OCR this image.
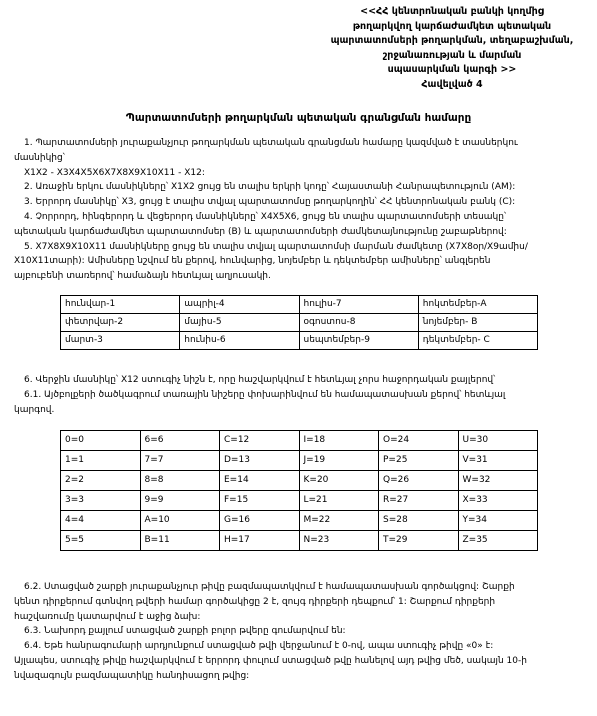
<<ՀՀ կենտրոնական բանկի կողմից
թողարկվող կարճաժամկետ պետական
պարտատոմսերի թողարկման, տեղաբաշխման,
շրջանառության և մարման
սպասարկման կարգի >>
Հավելված 4
Պարտատոմսերի թողարկման պետական գրանցման համարը
1. Պարտատոմսերի յուրաքանչյուր թողարկման պետական գրանցման համարը կազմված է տասներկու
մասնիկից՝
X1X2 - X3X4X5X6X7X8X9X10X11 - X12:
2. Առաջին երկու մասնիկները՝ X1X2 ցույց են տալիս երկրի կոդը՝ Հայաստանի Հանրապետություն (AM):
3. Երրորդ մասնիկը՝ X3, ցույց է տալիս տվյալ պարտատոմսը թողարկողին՝ ՀՀ կենտրոնական բանկ (C):
4. Չորրորդ, հինգերորդ և վեցերորդ մասնիկները՝ X4X5X6, ցույց են տալիս պարտատոմսերի տեսակը՝
պետական կարճաժամկետ պարտատոմսեր (B) և պարտատոմսերի ժամկետայնությունը շաբաթներով:
5. X7X8X9X10X11 մասնիկները ցույց են տալիս տվյալ պարտատոմսի մարման ժամկետը (X7X8օր/X9ամիս/
X10X11տարի): Ամիսները նշվում են քերով, հունվարից, նոյեմբեր և դեկտեմբեր ամիսները՝ անգլերեն
այբուբենի տառերով՝ համաձայն հետևյալ աղյուսակի.
հունվար-1	ապրիլ-4	հուլիս-7	հոկտեմբեր-A
փետրվար-2	մայիս-5	օգոստոս-8	նոյեմբեր- B
մարտ-3	հունիս-6	սեպտեմբեր-9	դեկտեմբեր- C
6. Վերջին մասնիկը՝ X12 ստուգիչ նիշն է, որը հաշվարկվում է հետևյալ չորս հաջորդական քայլերով՝
6.1. Այծբոլքերի ծածկագրում տառային նիշերը փոխարինվում են համապատասխան քերով՝ հետևյալ
կարգով.
0=0	6=6	C=12	I=18	O=24	U=30
1=1	7=7	D=13	J=19	P=25	V=31
2=2	8=8	E=14	K=20	Q=26	W=32
3=3	9=9	F=15	L=21	R=27	X=33
4=4	A=10	G=16	M=22	S=28	Y=34
5=5	B=11	H=17	N=23	T=29	Z=35
6.2. Ստացված շարքի յուրաքանչյուր թիվը բազմապատկվում է համապատասխան գործակցով: Շարքի
կենտ դիրքերում գտնվող թվերի համար գործակիցը 2 է, զույգ դիրքերի դեպքում՝ 1: Շարքում դիրքերի
հաշվառումը կատարվում է աջից ձախ:
6.3. Նախորդ քայլում ստացված շարքի բոլոր թվերը գումարվում են:
6.4. Եթե հանրագումարի արդյունքում ստացված թվի վերջանում է 0-ով, ապա ստուգիչ թիվը «0» է:
Այլապես, ստուգիչ թիվը հաշվարկվում է երրորդ փուլում ստացված թվը հանելով այդ թվից մեծ, սակայն 10-ի
նվազագույն բազմապատիկը հանդիսացող թվից:
